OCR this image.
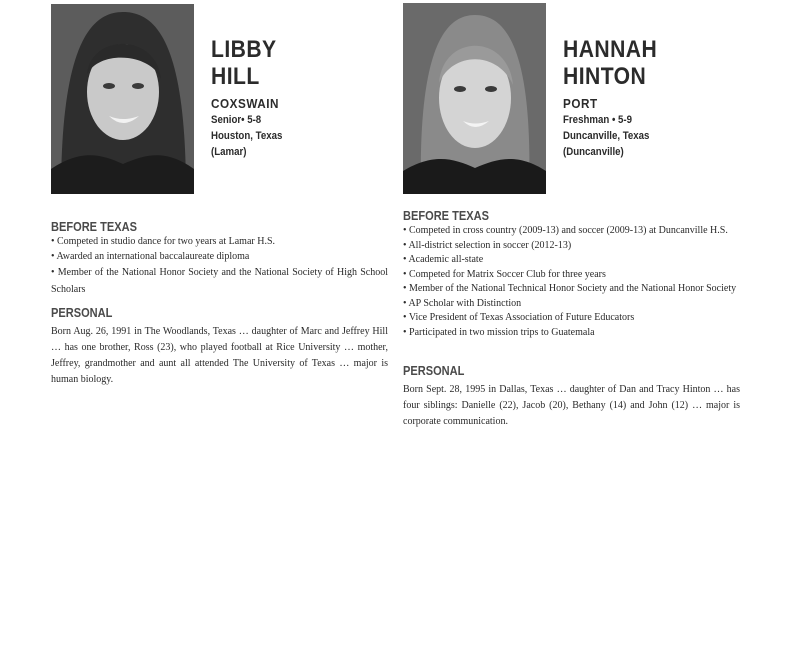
LIBBY
HILL
COXSWAIN
Senior• 5-8
Houston, Texas
(Lamar)
BEFORE TEXAS
• Competed in studio dance for two years at Lamar H.S.
• Awarded an international baccalaureate diploma
• Member of the National Honor Society and the National Society of High School Scholars
PERSONAL
Born Aug. 26, 1991 in The Woodlands, Texas … daughter of Marc and Jeffrey Hill … has one brother, Ross (23), who played football at Rice University … mother, Jeffrey, grandmother and aunt all attended The University of Texas … major is human biology.
HANNAH
HINTON
PORT
Freshman • 5-9
Duncanville, Texas
(Duncanville)
BEFORE TEXAS
• Competed in cross country (2009-13) and soccer (2009-13) at Duncanville H.S.
• All-district selection in soccer (2012-13)
• Academic all-state
• Competed for Matrix Soccer Club for three years
• Member of the National Technical Honor Society and the National Honor Society
• AP Scholar with Distinction
• Vice President of Texas Association of Future Educators
• Participated in two mission trips to Guatemala
PERSONAL
Born Sept. 28, 1995 in Dallas, Texas … daughter of Dan and Tracy Hinton … has four siblings: Danielle (22), Jacob (20), Bethany (14) and John (12) … major is corporate communication.
